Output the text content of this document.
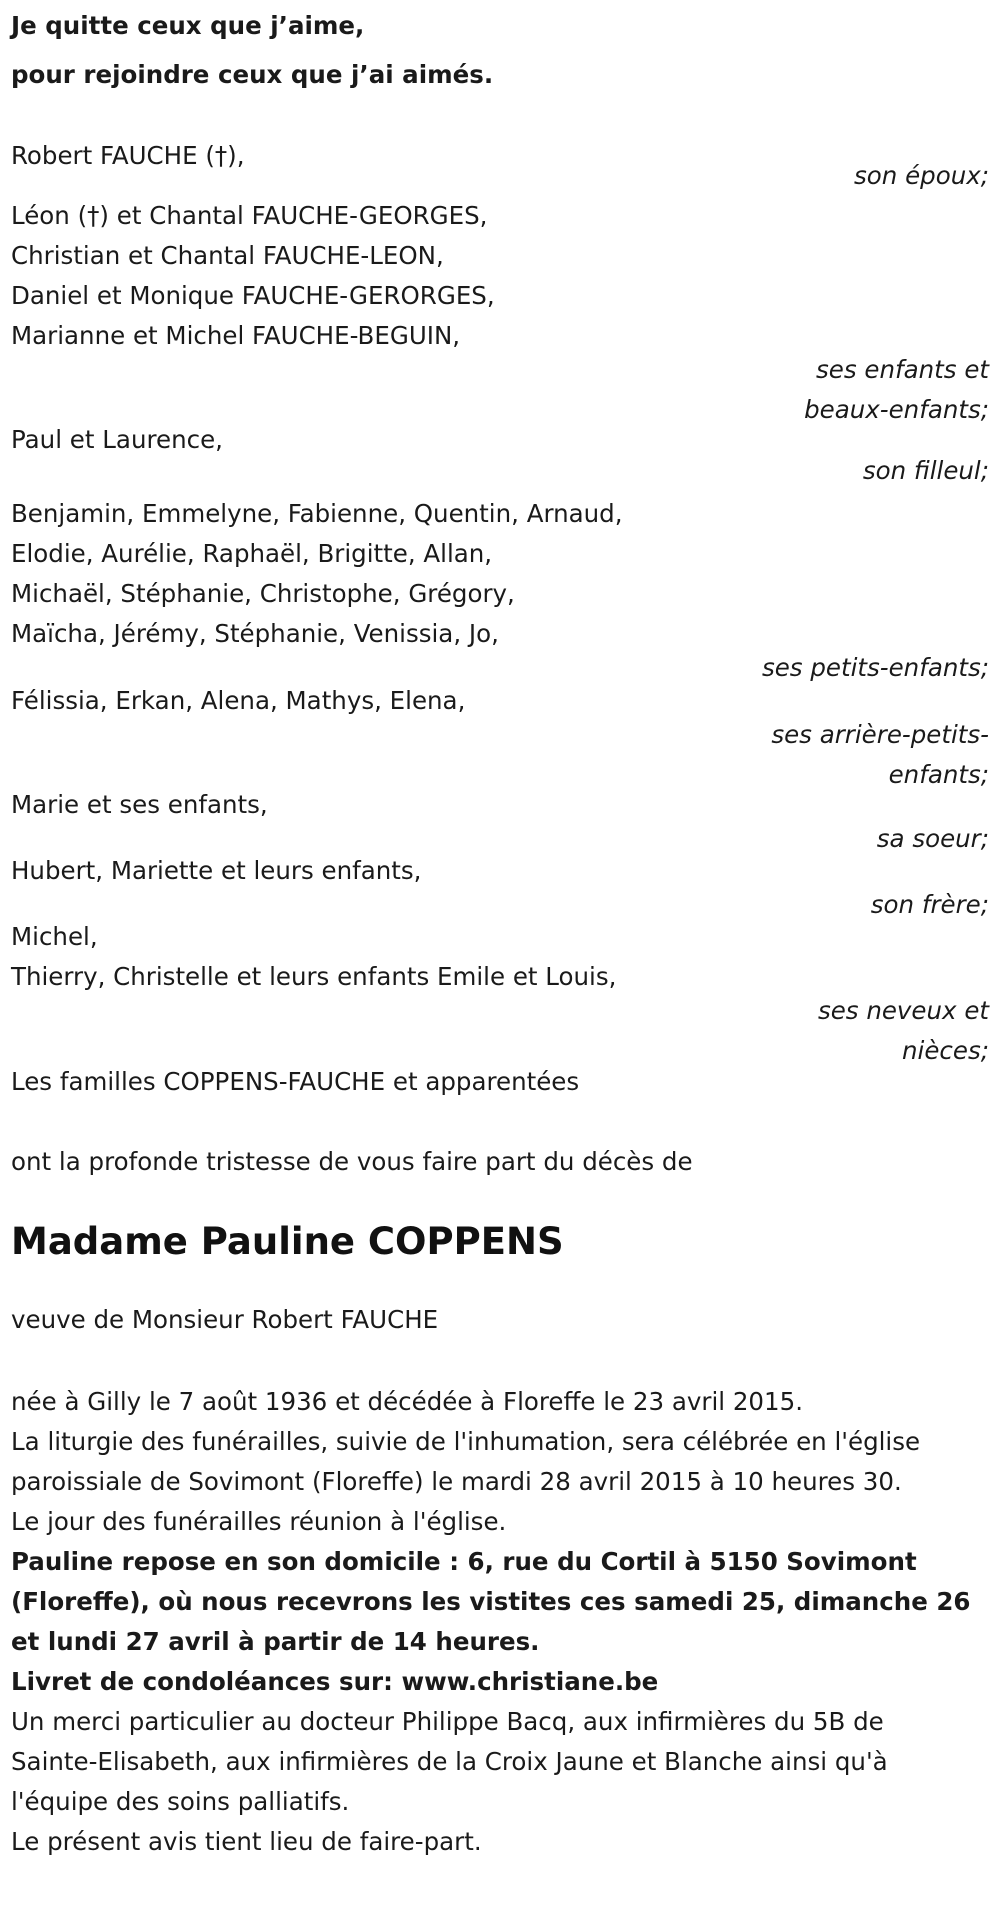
Je quitte ceux que j’aime,
pour rejoindre ceux que j’ai aimés.
Robert FAUCHE (†),
son époux;
Léon (†) et Chantal FAUCHE-GEORGES,
Christian et Chantal FAUCHE-LEON,
Daniel et Monique FAUCHE-GERORGES,
Marianne et Michel FAUCHE-BEGUIN,
ses enfants et
beaux-enfants;
Paul et Laurence,
son filleul;
Benjamin, Emmelyne, Fabienne, Quentin, Arnaud,
Elodie, Aurélie, Raphaël, Brigitte, Allan,
Michaël, Stéphanie, Christophe, Grégory,
Maïcha, Jérémy, Stéphanie, Venissia, Jo,
ses petits-enfants;
Félissia, Erkan, Alena, Mathys, Elena,
ses arrière-petits-
enfants;
Marie et ses enfants,
sa soeur;
Hubert, Mariette et leurs enfants,
son frère;
Michel,
Thierry, Christelle et leurs enfants Emile et Louis,
ses neveux et
nièces;

Les familles COPPENS-FAUCHE et apparentées

ont la profonde tristesse de vous faire part du décès de

Madame Pauline COPPENS

veuve de Monsieur Robert FAUCHE

née à Gilly le 7 août 1936 et décédée à Floreffe le 23 avril 2015.

La liturgie des funérailles, suivie de l'inhumation, sera célébrée en l'église
paroissiale de Sovimont (Floreffe) le mardi 28 avril 2015 à 10 heures 30.

Le jour des funérailles réunion à l'église.

Pauline repose en son domicile : 6, rue du Cortil à 5150 Sovimont
(Floreffe), où nous recevrons les vistites ces samedi 25, dimanche 26
et lundi 27 avril à partir de 14 heures.

Livret de condoléances sur: www.christiane.be

Un merci particulier au docteur Philippe Bacq, aux infirmières du 5B de
Sainte-Elisabeth, aux infirmières de la Croix Jaune et Blanche ainsi qu'à
l'équipe des soins palliatifs.

Le présent avis tient lieu de faire-part.
